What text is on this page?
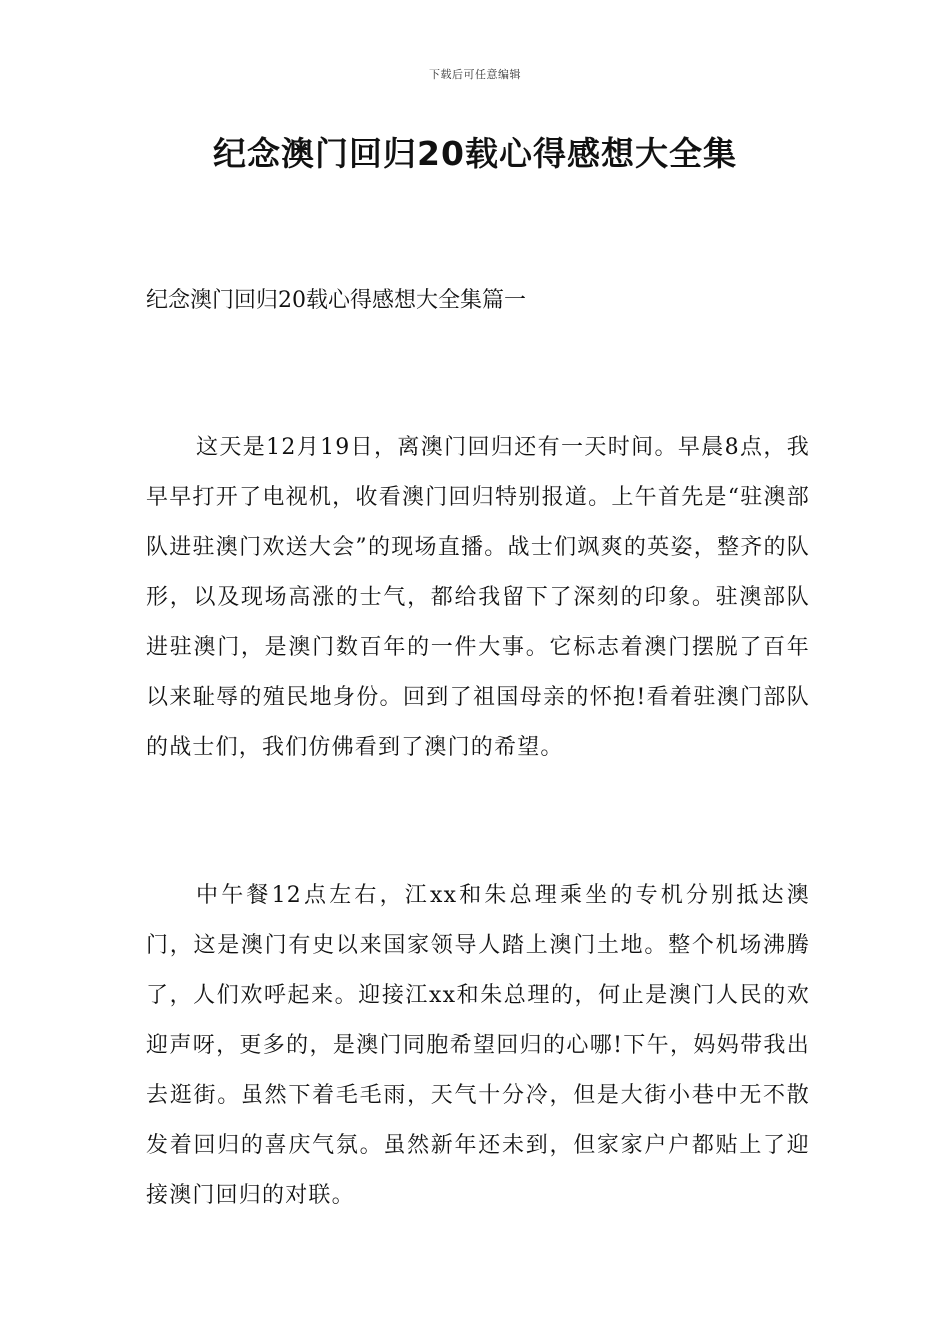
下载后可任意编辑
纪念澳门回归20载心得感想大全集
纪念澳门回归20载心得感想大全集篇一

这天是12月19日，离澳门回归还有一天时间。早晨8点，我早早打开了电视机，收看澳门回归特别报道。上午首先是“驻澳部队进驻澳门欢送大会”的现场直播。战士们飒爽的英姿，整齐的队形，以及现场高涨的士气，都给我留下了深刻的印象。驻澳部队进驻澳门，是澳门数百年的一件大事。它标志着澳门摆脱了百年以来耻辱的殖民地身份。回到了祖国母亲的怀抱!看着驻澳门部队的战士们，我们仿佛看到了澳门的希望。

中午餐12点左右，江xx和朱总理乘坐的专机分别抵达澳门，这是澳门有史以来国家领导人踏上澳门土地。整个机场沸腾了，人们欢呼起来。迎接江xx和朱总理的，何止是澳门人民的欢迎声呀，更多的，是澳门同胞希望回归的心哪!下午，妈妈带我出去逛街。虽然下着毛毛雨，天气十分冷，但是大街小巷中无不散发着回归的喜庆气氛。虽然新年还未到，但家家户户都贴上了迎接澳门回归的对联。
